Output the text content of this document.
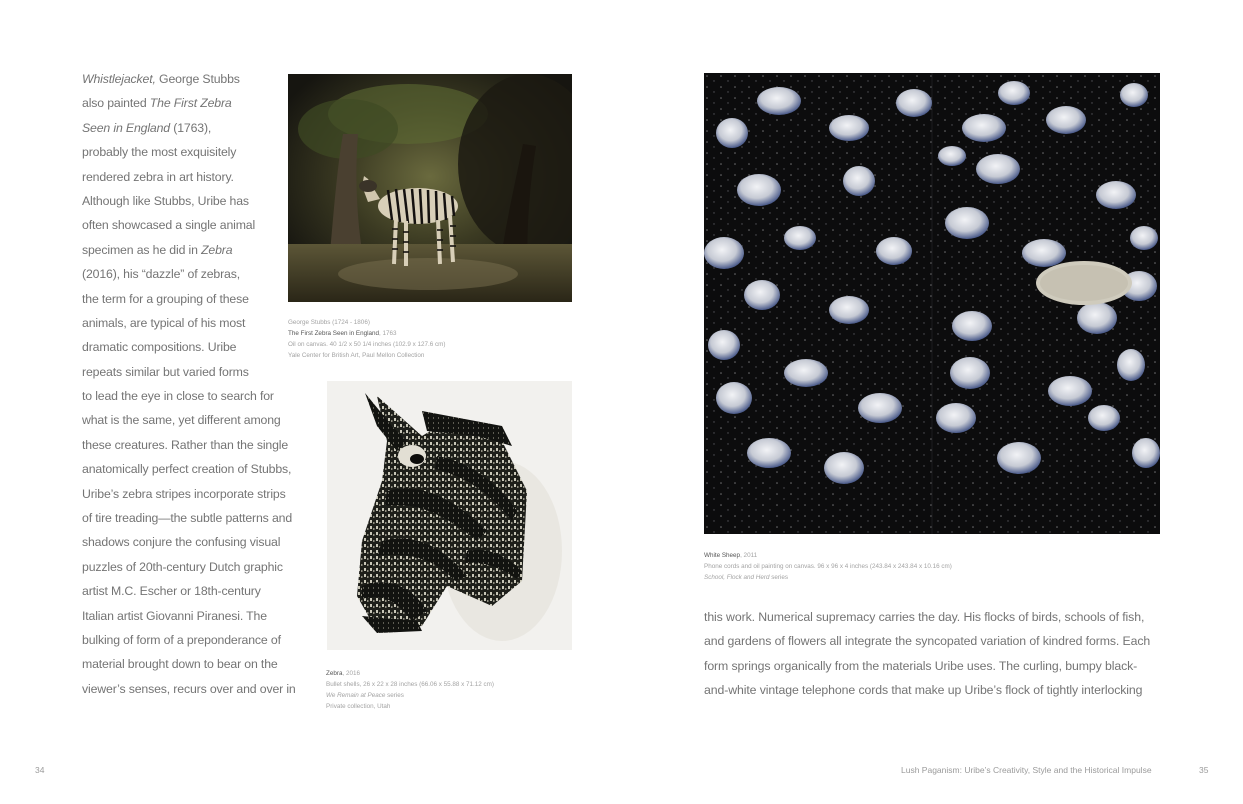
Whistlejacket, George Stubbs
also painted The First Zebra
Seen in England (1763),
probably the most exquisitely
rendered zebra in art history.
Although like Stubbs, Uribe has
often showcased a single animal
specimen as he did in Zebra
(2016), his “dazzle” of zebras,
the term for a grouping of these
animals, are typical of his most
dramatic compositions. Uribe
repeats similar but varied forms
to lead the eye in close to search for
what is the same, yet different among
these creatures. Rather than the single
anatomically perfect creation of Stubbs,
Uribe’s zebra stripes incorporate strips
of tire treading—the subtle patterns and
shadows conjure the confusing visual
puzzles of 20th-century Dutch graphic
artist M.C. Escher or 18th-century
Italian artist Giovanni Piranesi. The
bulking of form of a preponderance of
material brought down to bear on the
viewer’s senses, recurs over and over in
George Stubbs (1724 - 1806)
The First Zebra Seen in England, 1763
Oil on canvas. 40 1/2 x 50 1/4 inches (102.9 x 127.6 cm)
Yale Center for British Art, Paul Mellon Collection
Zebra, 2016
Bullet shells, 26 x 22 x 28 inches (66.06 x 55.88 x 71.12 cm)
We Remain at Peace series
Private collection, Utah
White Sheep, 2011
Phone cords and oil painting on canvas. 96 x 96 x 4 inches (243.84 x 243.84 x 10.16 cm)
School, Flock and Herd series
this work. Numerical supremacy carries the day. His flocks of birds, schools of fish,
and gardens of flowers all integrate the syncopated variation of kindred forms. Each
form springs organically from the materials Uribe uses. The curling, bumpy black-
and-white vintage telephone cords that make up Uribe’s flock of tightly interlocking
34	Lush Paganism: Uribe’s Creativity, Style and the Historical Impulse	35
